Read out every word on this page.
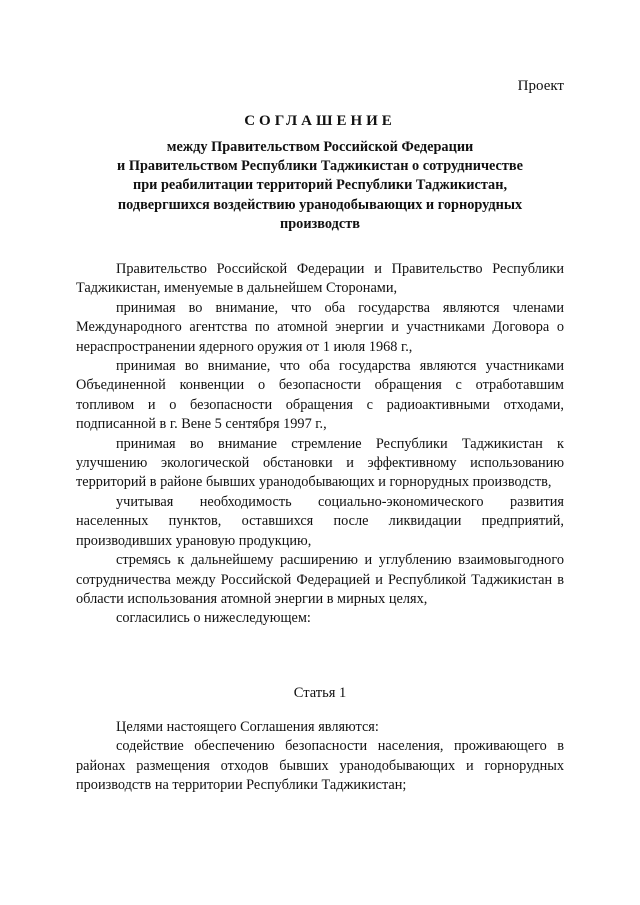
Проект
СОГЛАШЕНИЕ
между Правительством Российской Федерации
и Правительством Республики Таджикистан о сотрудничестве
при реабилитации территорий Республики Таджикистан,
подвергшихся воздействию уранодобывающих и горнорудных
производств

Правительство Российской Федерации и Правительство Республики Таджикистан, именуемые в дальнейшем Сторонами,

принимая во внимание, что оба государства являются членами Международного агентства по атомной энергии и участниками Договора о нераспространении ядерного оружия от 1 июля 1968 г.,

принимая во внимание, что оба государства являются участниками Объединенной конвенции о безопасности обращения с отработавшим топливом и о безопасности обращения с радиоактивными отходами, подписанной в г. Вене 5 сентября 1997 г.,

принимая во внимание стремление Республики Таджикистан к улучшению экологической обстановки и эффективному использованию территорий в районе бывших уранодобывающих и горнорудных производств,

учитывая необходимость социально-экономического развития населенных пунктов, оставшихся после ликвидации предприятий, производивших урановую продукцию,

стремясь к дальнейшему расширению и углублению взаимовыгодного сотрудничества между Российской Федерацией и Республикой Таджикистан в области использования атомной энергии в мирных целях,

согласились о нижеследующем:

Статья 1

Целями настоящего Соглашения являются:

содействие обеспечению безопасности населения, проживающего в районах размещения отходов бывших уранодобывающих и горнорудных производств на территории Республики Таджикистан;
